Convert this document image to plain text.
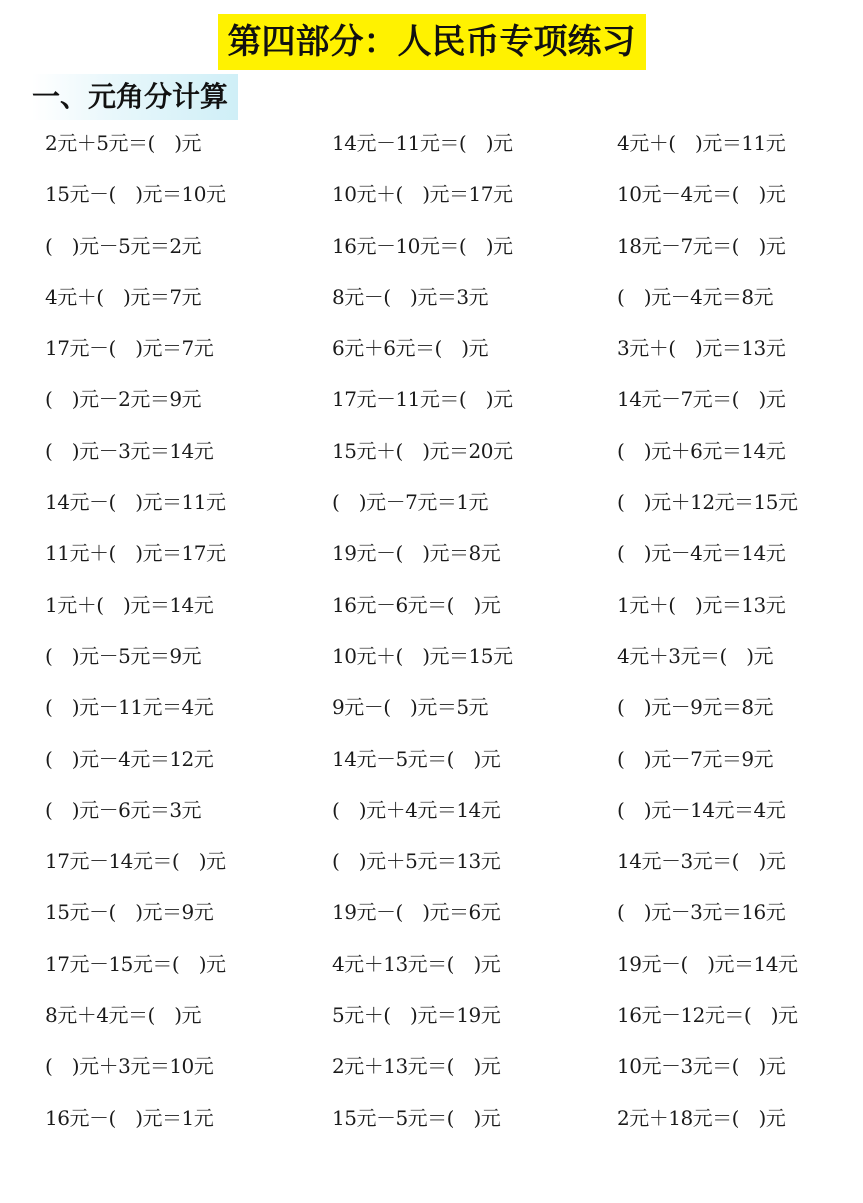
第四部分：人民币专项练习
一、元角分计算
2元＋5元＝(　)元	14元－11元＝(　)元	4元＋(　)元＝11元
15元－(　)元＝10元	10元＋(　)元＝17元	10元－4元＝(　)元
(　)元－5元＝2元	16元－10元＝(　)元	18元－7元＝(　)元
4元＋(　)元＝7元	8元－(　)元＝3元	(　)元－4元＝8元
17元－(　)元＝7元	6元＋6元＝(　)元	3元＋(　)元＝13元
(　)元－2元＝9元	17元－11元＝(　)元	14元－7元＝(　)元
(　)元－3元＝14元	15元＋(　)元＝20元	(　)元＋6元＝14元
14元－(　)元＝11元	(　)元－7元＝1元	(　)元＋12元＝15元
11元＋(　)元＝17元	19元－(　)元＝8元	(　)元－4元＝14元
1元＋(　)元＝14元	16元－6元＝(　)元	1元＋(　)元＝13元
(　)元－5元＝9元	10元＋(　)元＝15元	4元＋3元＝(　)元
(　)元－11元＝4元	9元－(　)元＝5元	(　)元－9元＝8元
(　)元－4元＝12元	14元－5元＝(　)元	(　)元－7元＝9元
(　)元－6元＝3元	(　)元＋4元＝14元	(　)元－14元＝4元
17元－14元＝(　)元	(　)元＋5元＝13元	14元－3元＝(　)元
15元－(　)元＝9元	19元－(　)元＝6元	(　)元－3元＝16元
17元－15元＝(　)元	4元＋13元＝(　)元	19元－(　)元＝14元
8元＋4元＝(　)元	5元＋(　)元＝19元	16元－12元＝(　)元
(　)元＋3元＝10元	2元＋13元＝(　)元	10元－3元＝(　)元
16元－(　)元＝1元	15元－5元＝(　)元	2元＋18元＝(　)元
